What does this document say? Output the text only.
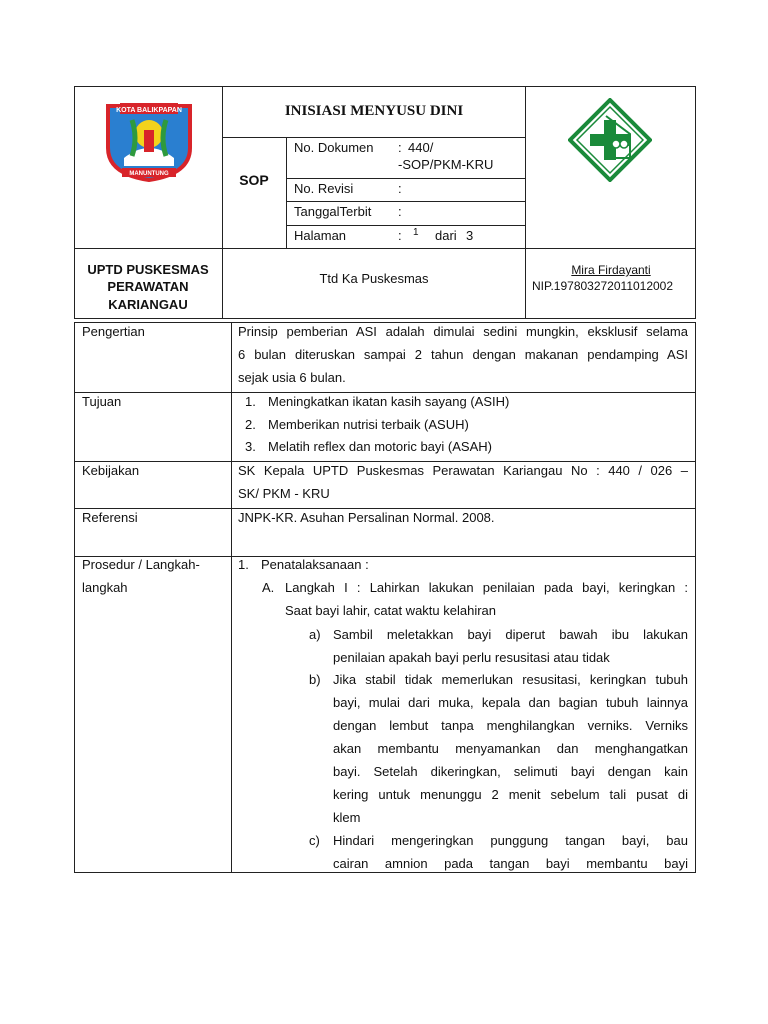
KOTA BALIKPAPAN
MANUNTUNG
INISIASI MENYUSU DINI
SOP
No. Dokumen : 440/
-SOP/PKM-KRU
No. Revisi	:
TanggalTerbit :
Halaman	: 1 dari 3
UPTD PUSKESMAS
PERAWATAN
KARIANGAU
Ttd Ka Puskesmas
Mira Firdayanti
NIP.197803272011012002
Pengertian	Prinsip pemberian ASI adalah dimulai sedini mungkin, eksklusif selama
6 bulan diteruskan sampai 2 tahun dengan makanan pendamping ASI
sejak usia 6 bulan.
Tujuan	1. Meningkatkan ikatan kasih sayang (ASIH)
2. Memberikan nutrisi terbaik (ASUH)
3. Melatih reflex dan motoric bayi (ASAH)
Kebijakan	SK Kepala UPTD Puskesmas Perawatan Kariangau No : 440 / 026 –
SK/ PKM - KRU
Referensi	JNPK-KR. Asuhan Persalinan Normal. 2008.
Prosedur / Langkah-
langkah
1. Penatalaksanaan :
A. Langkah I : Lahirkan lakukan penilaian pada bayi, keringkan :
Saat bayi lahir, catat waktu kelahiran
a) Sambil meletakkan bayi diperut bawah ibu lakukan
penilaian apakah bayi perlu resusitasi atau tidak
b) Jika stabil tidak memerlukan resusitasi, keringkan tubuh
bayi, mulai dari muka, kepala dan bagian tubuh lainnya
dengan lembut tanpa menghilangkan verniks. Verniks
akan membantu menyamankan dan menghangatkan
bayi. Setelah dikeringkan, selimuti bayi dengan kain
kering untuk menunggu 2 menit sebelum tali pusat di
klem
c) Hindari mengeringkan punggung tangan bayi, bau
cairan amnion pada tangan bayi membantu bayi
